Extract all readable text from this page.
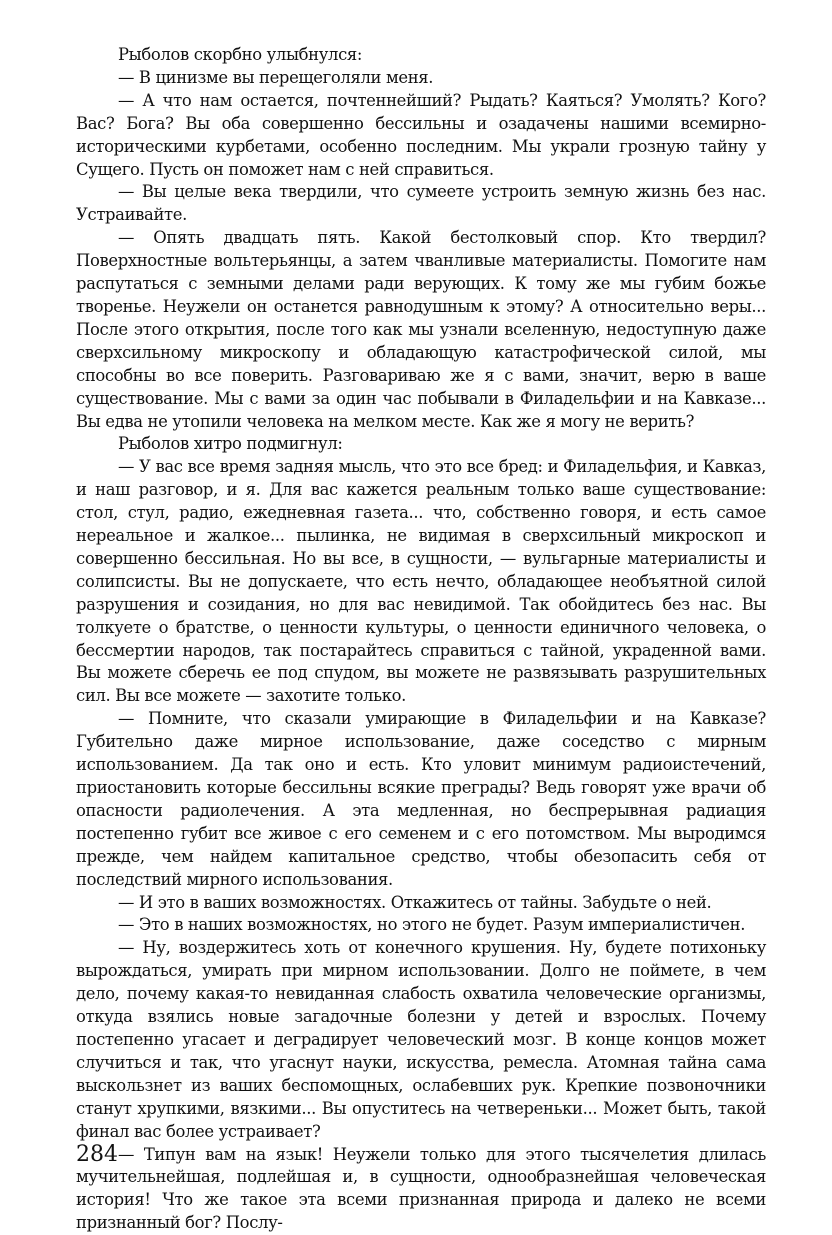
Рыболов скорбно улыбнулся:

— В цинизме вы перещеголяли меня.

— А что нам остается, почтеннейший? Рыдать? Каяться? Умолять? Кого? Вас? Бога? Вы оба совершенно бессильны и озадачены нашими всемирно-историческими курбетами, особенно последним. Мы украли грозную тайну у Сущего. Пусть он поможет нам с ней справиться.

— Вы целые века твердили, что сумеете устроить земную жизнь без нас. Устраивайте.

— Опять двадцать пять. Какой бестолковый спор. Кто твердил? Поверхностные вольтерьянцы, а затем чванливые материалисты. Помогите нам распутаться с земными делами ради верующих. К тому же мы губим божье творенье. Неужели он останется равнодушным к этому? А относительно веры... После этого открытия, после того как мы узнали вселенную, недоступную даже сверхсильному микроскопу и обладающую катастрофической силой, мы способны во все поверить. Разговариваю же я с вами, значит, верю в ваше существование. Мы с вами за один час побывали в Филадельфии и на Кавказе... Вы едва не утопили человека на мелком месте. Как же я могу не верить?

Рыболов хитро подмигнул:

— У вас все время задняя мысль, что это все бред: и Филадельфия, и Кавказ, и наш разговор, и я. Для вас кажется реальным только ваше существование: стол, стул, радио, ежедневная газета... что, собственно говоря, и есть самое нереальное и жалкое... пылинка, не видимая в сверхсильный микроскоп и совершенно бессильная. Но вы все, в сущности, — вульгарные материалисты и солипсисты. Вы не допускаете, что есть нечто, обладающее необъятной силой разрушения и созидания, но для вас невидимой. Так обойдитесь без нас. Вы толкуете о братстве, о ценности культуры, о ценности единичного человека, о бессмертии народов, так постарайтесь справиться с тайной, украденной вами. Вы можете сберечь ее под спудом, вы можете не развязывать разрушительных сил. Вы все можете — захотите только.

— Помните, что сказали умирающие в Филадельфии и на Кавказе? Губительно даже мирное использование, даже соседство с мирным использованием. Да так оно и есть. Кто уловит минимум радиоистечений, приостановить которые бессильны всякие преграды? Ведь говорят уже врачи об опасности радиолечения. А эта медленная, но беспрерывная радиация постепенно губит все живое с его семенем и с его потомством. Мы выродимся прежде, чем найдем капитальное средство, чтобы обезопасить себя от последствий мирного использования.

— И это в ваших возможностях. Откажитесь от тайны. Забудьте о ней.

— Это в наших возможностях, но этого не будет. Разум империалистичен.

— Ну, воздержитесь хоть от конечного крушения. Ну, будете потихоньку вырождаться, умирать при мирном использовании. Долго не поймете, в чем дело, почему какая-то невиданная слабость охватила человеческие организмы, откуда взялись новые загадочные болезни у детей и взрослых. Почему постепенно угасает и деградирует человеческий мозг. В конце концов может случиться и так, что угаснут науки, искусства, ремесла. Атомная тайна сама выскользнет из ваших беспомощных, ослабевших рук. Крепкие позвоночники станут хрупкими, вязкими... Вы опуститесь на четвереньки... Может быть, такой финал вас более устраивает?

— Типун вам на язык! Неужели только для этого тысячелетия длилась мучительнейшая, подлейшая и, в сущности, однообразнейшая человеческая история! Что же такое эта всеми признанная природа и далеко не всеми признанный бог? Послу-

284
